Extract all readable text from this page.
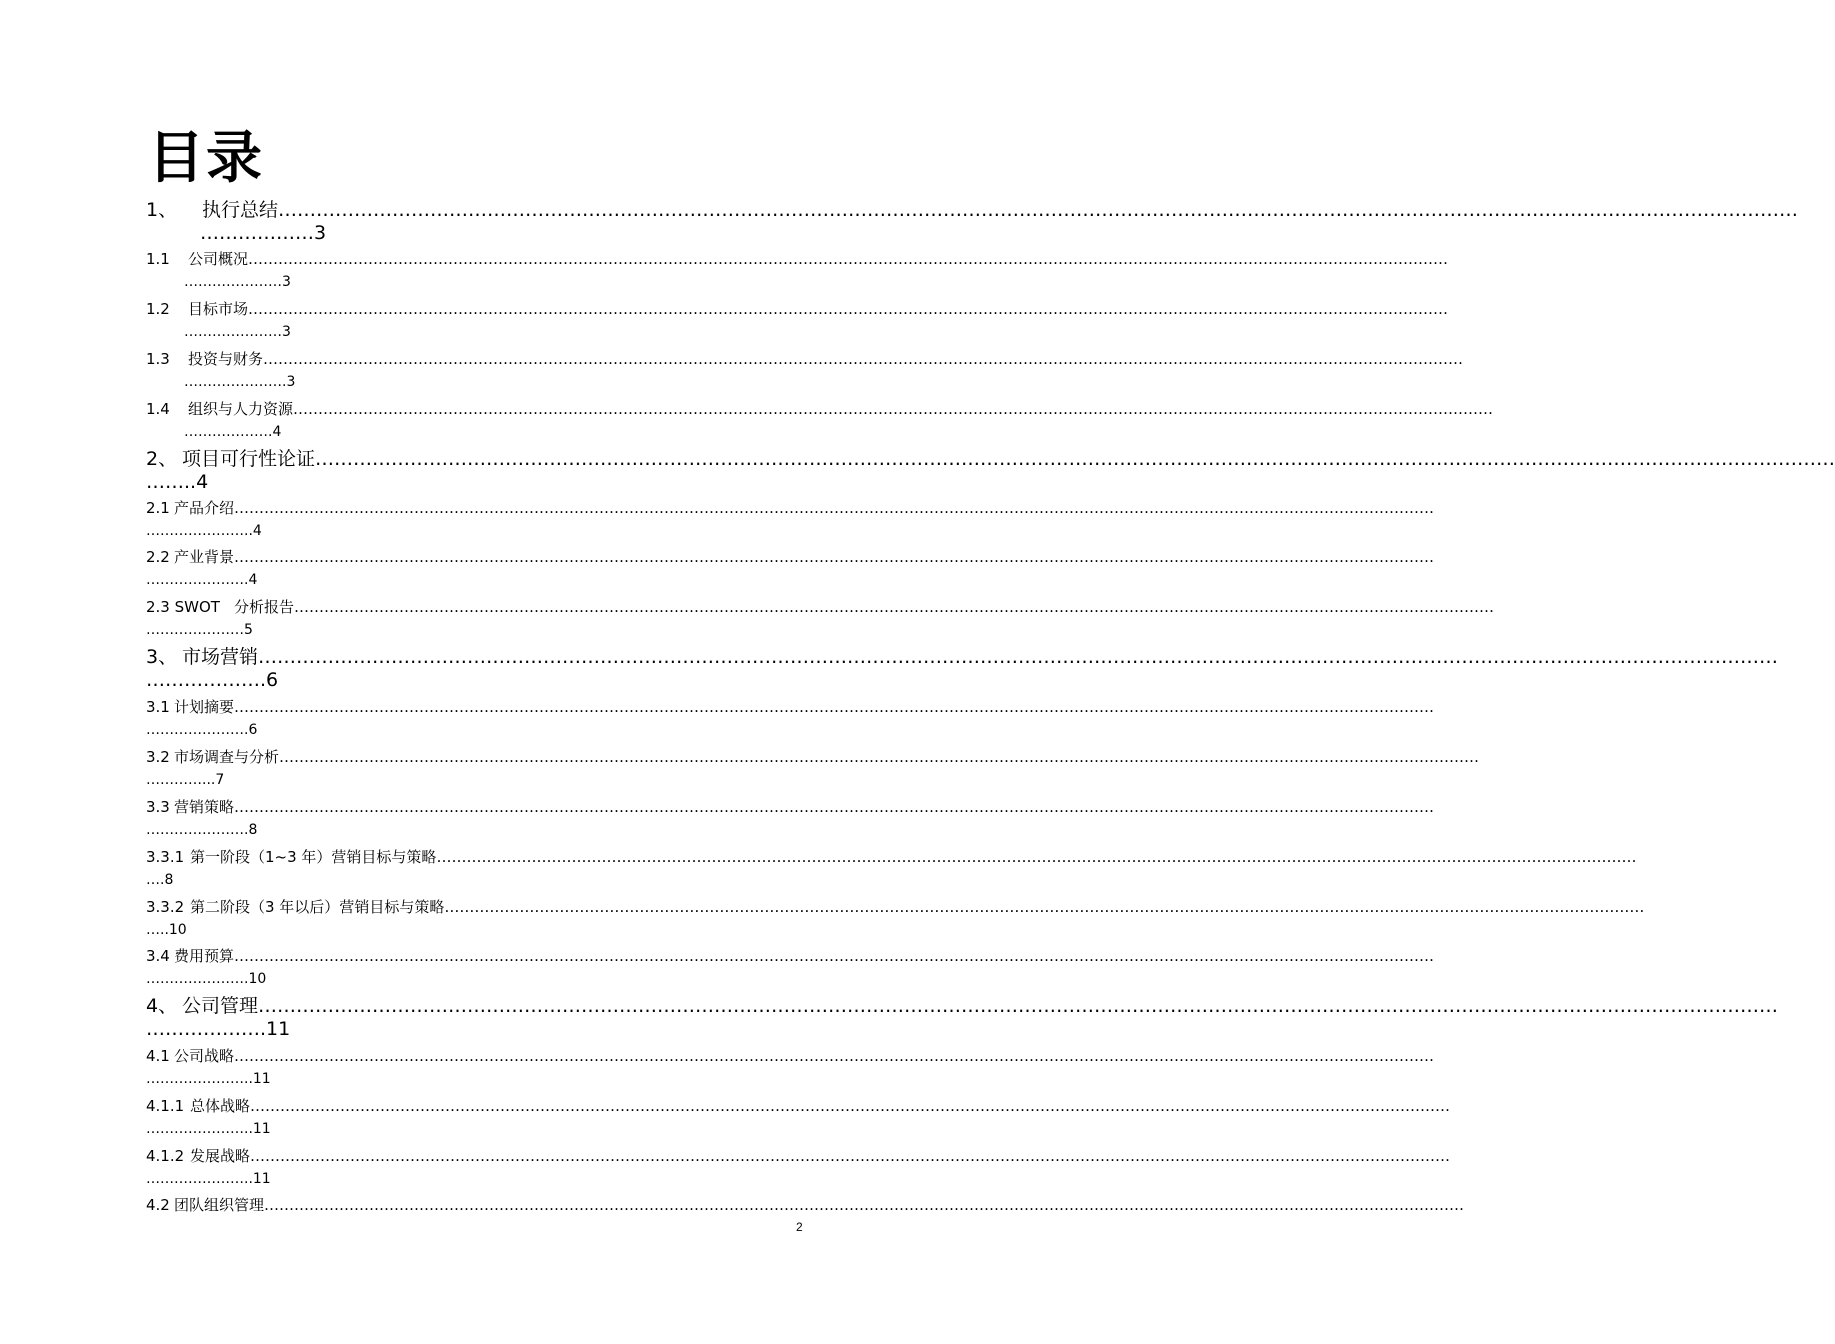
目录
1、 执行总结……………………………………………………………………………………………………………………………………………………………………………………………………………………
………………3
1.1 公司概况……………………………………………………………………………………………………………………………………………………………………………………………………………………
…………………3
1.2 目标市场……………………………………………………………………………………………………………………………………………………………………………………………………………………
…………………3
1.3 投资与财务……………………………………………………………………………………………………………………………………………………………………………………………………………………
………………….3
1.4 组织与人力资源……………………………………………………………………………………………………………………………………………………………………………………………………………………
……………….4
2、 项目可行性论证……………………………………………………………………………………………………………………………………………………………………………………………………………………
……..4
2.1 产品介绍……………………………………………………………………………………………………………………………………………………………………………………………………………………
…………………..4
2.2 产业背景……………………………………………………………………………………………………………………………………………………………………………………………………………………
………………….4
2.3 SWOT 分析报告……………………………………………………………………………………………………………………………………………………………………………………………………………………
…………………5
3、 市场营销……………………………………………………………………………………………………………………………………………………………………………………………………………………
……………….6
3.1 计划摘要……………………………………………………………………………………………………………………………………………………………………………………………………………………
………………….6
3.2 市场调查与分析……………………………………………………………………………………………………………………………………………………………………………………………………………………
…………...7
3.3 营销策略……………………………………………………………………………………………………………………………………………………………………………………………………………………
………………….8
3.3.1 第一阶段（1~3 年）营销目标与策略……………………………………………………………………………………………………………………………………………………………………………………………………………………
….8
3.3.2 第二阶段（3 年以后）营销目标与策略……………………………………………………………………………………………………………………………………………………………………………………………………………………
…..10
3.4 费用预算……………………………………………………………………………………………………………………………………………………………………………………………………………………
………………….10
4、 公司管理……………………………………………………………………………………………………………………………………………………………………………………………………………………
……………….11
4.1 公司战略……………………………………………………………………………………………………………………………………………………………………………………………………………………
…………………..11
4.1.1 总体战略……………………………………………………………………………………………………………………………………………………………………………………………………………………
…………………..11
4.1.2 发展战略……………………………………………………………………………………………………………………………………………………………………………………………………………………
…………………..11
4.2 团队组织管理……………………………………………………………………………………………………………………………………………………………………………………………………………………
2
